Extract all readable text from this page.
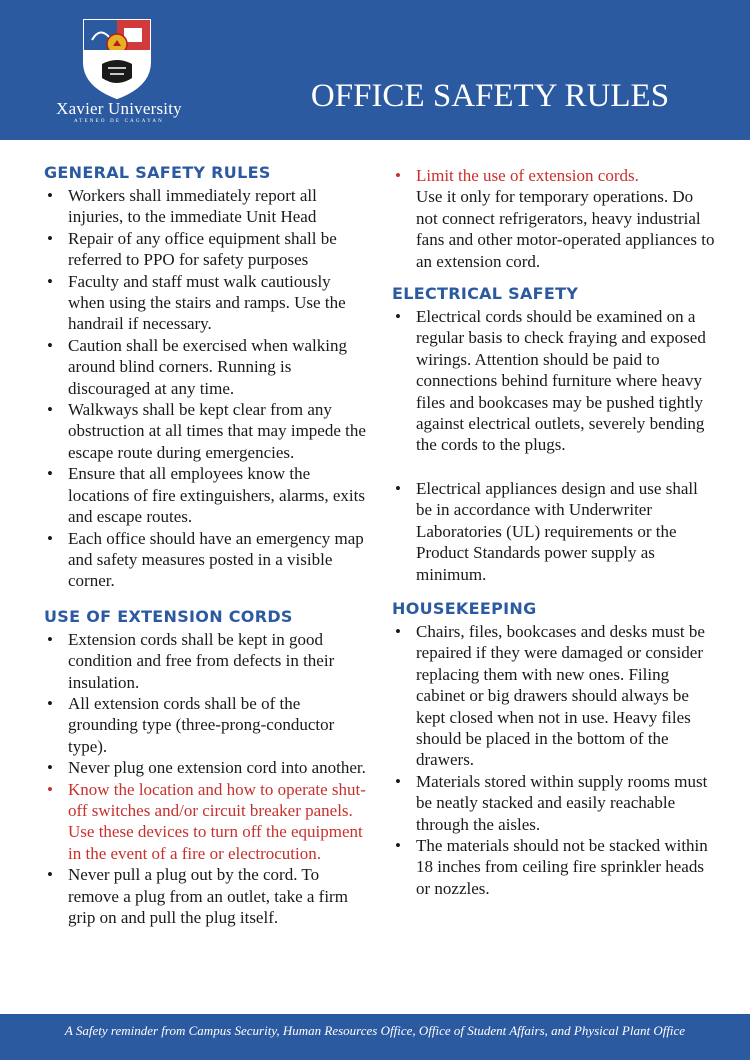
Xavier University
ATENEO DE CAGAYAN
OFFICE SAFETY RULES
GENERAL SAFETY RULES
• Workers shall immediately report all injuries, to the immediate Unit Head
• Repair of any office equipment shall be referred to PPO for safety purposes
• Faculty and staff must walk cautiously when using the stairs and ramps. Use the handrail if necessary.
• Caution shall be exercised when walking around blind corners. Running is discouraged at any time.
• Walkways shall be kept clear from any obstruction at all times that may impede the escape route during emergencies.
• Ensure that all employees know the locations of fire extinguishers, alarms, exits and escape routes.
• Each office should have an emergency map and safety measures posted in a visible corner.
USE OF EXTENSION CORDS
• Extension cords shall be kept in good condition and free from defects in their insulation.
• All extension cords shall be of the grounding type (three-prong-conductor type).
• Never plug one extension cord into another.
• Know the location and how to operate shut-off switches and/or circuit breaker panels. Use these devices to turn off the equipment in the event of a fire or electrocution.
• Never pull a plug out by the cord. To remove a plug from an outlet, take a firm grip on and pull the plug itself.
• Limit the use of extension cords.
Use it only for temporary operations. Do not connect refrigerators, heavy industrial fans and other motor-operated appliances to an extension cord.
ELECTRICAL SAFETY
• Electrical cords should be examined on a regular basis to check fraying and exposed wirings. Attention should be paid to connections behind furniture where heavy files and bookcases may be pushed tightly against electrical outlets, severely bending the cords to the plugs.
• Electrical appliances design and use shall be in accordance with Underwriter Laboratories (UL) requirements or the Product Standards power supply as minimum.
HOUSEKEEPING
• Chairs, files, bookcases and desks must be repaired if they were damaged or consider replacing them with new ones. Filing cabinet or big drawers should always be kept closed when not in use. Heavy files should be placed in the bottom of the drawers.
• Materials stored within supply rooms must be neatly stacked and easily reachable through the aisles.
• The materials should not be stacked within 18 inches from ceiling fire sprinkler heads or nozzles.
A Safety reminder from Campus Security, Human Resources Office, Office of Student Affairs, and Physical Plant Office
